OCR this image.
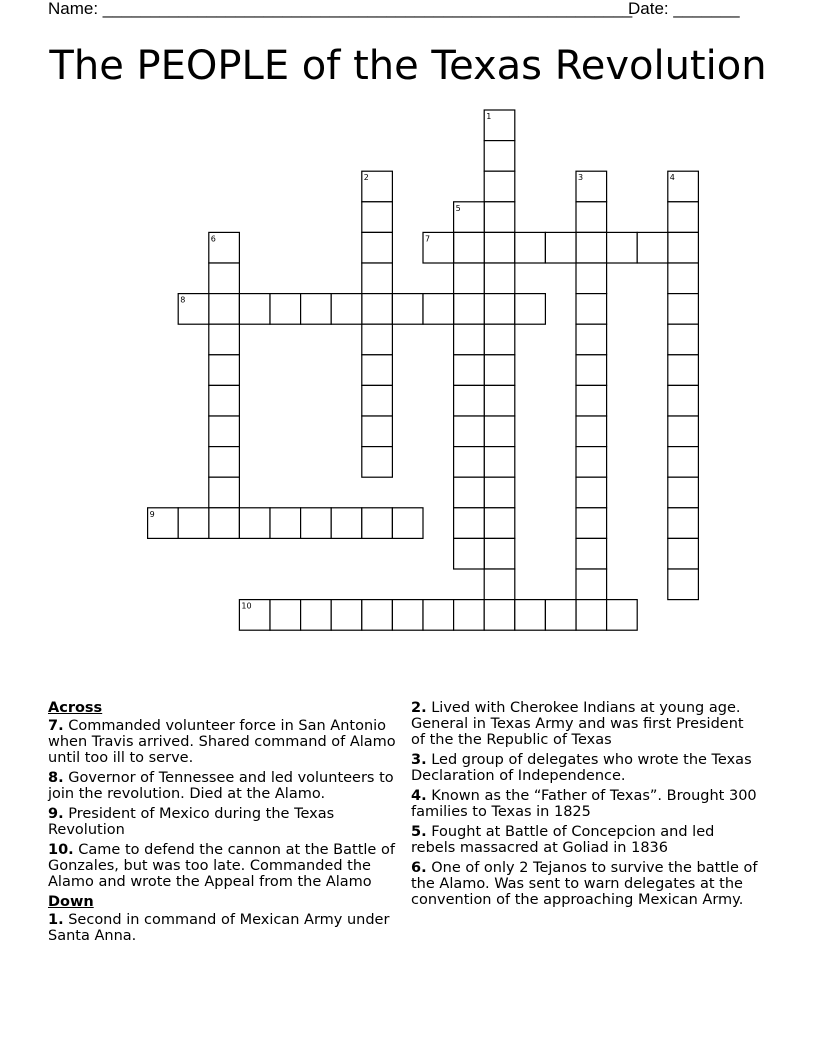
Name: ________________________________________________________
Date: _______
The PEOPLE of the Texas Revolution
1
2	3	4
5
6	7
8
9
10
Across
7. Commanded volunteer force in San Antonio when Travis arrived. Shared command of Alamo until too ill to serve.
8. Governor of Tennessee and led volunteers to join the revolution. Died at the Alamo.
9. President of Mexico during the Texas Revolution
10. Came to defend the cannon at the Battle of Gonzales, but was too late. Commanded the Alamo and wrote the Appeal from the Alamo
Down
1. Second in command of Mexican Army under Santa Anna.
2. Lived with Cherokee Indians at young age. General in Texas Army and was first President of the the Republic of Texas
3. Led group of delegates who wrote the Texas Declaration of Independence.
4. Known as the “Father of Texas”. Brought 300 families to Texas in 1825
5. Fought at Battle of Concepcion and led rebels massacred at Goliad in 1836
6. One of only 2 Tejanos to survive the battle of the Alamo. Was sent to warn delegates at the convention of the approaching Mexican Army.
